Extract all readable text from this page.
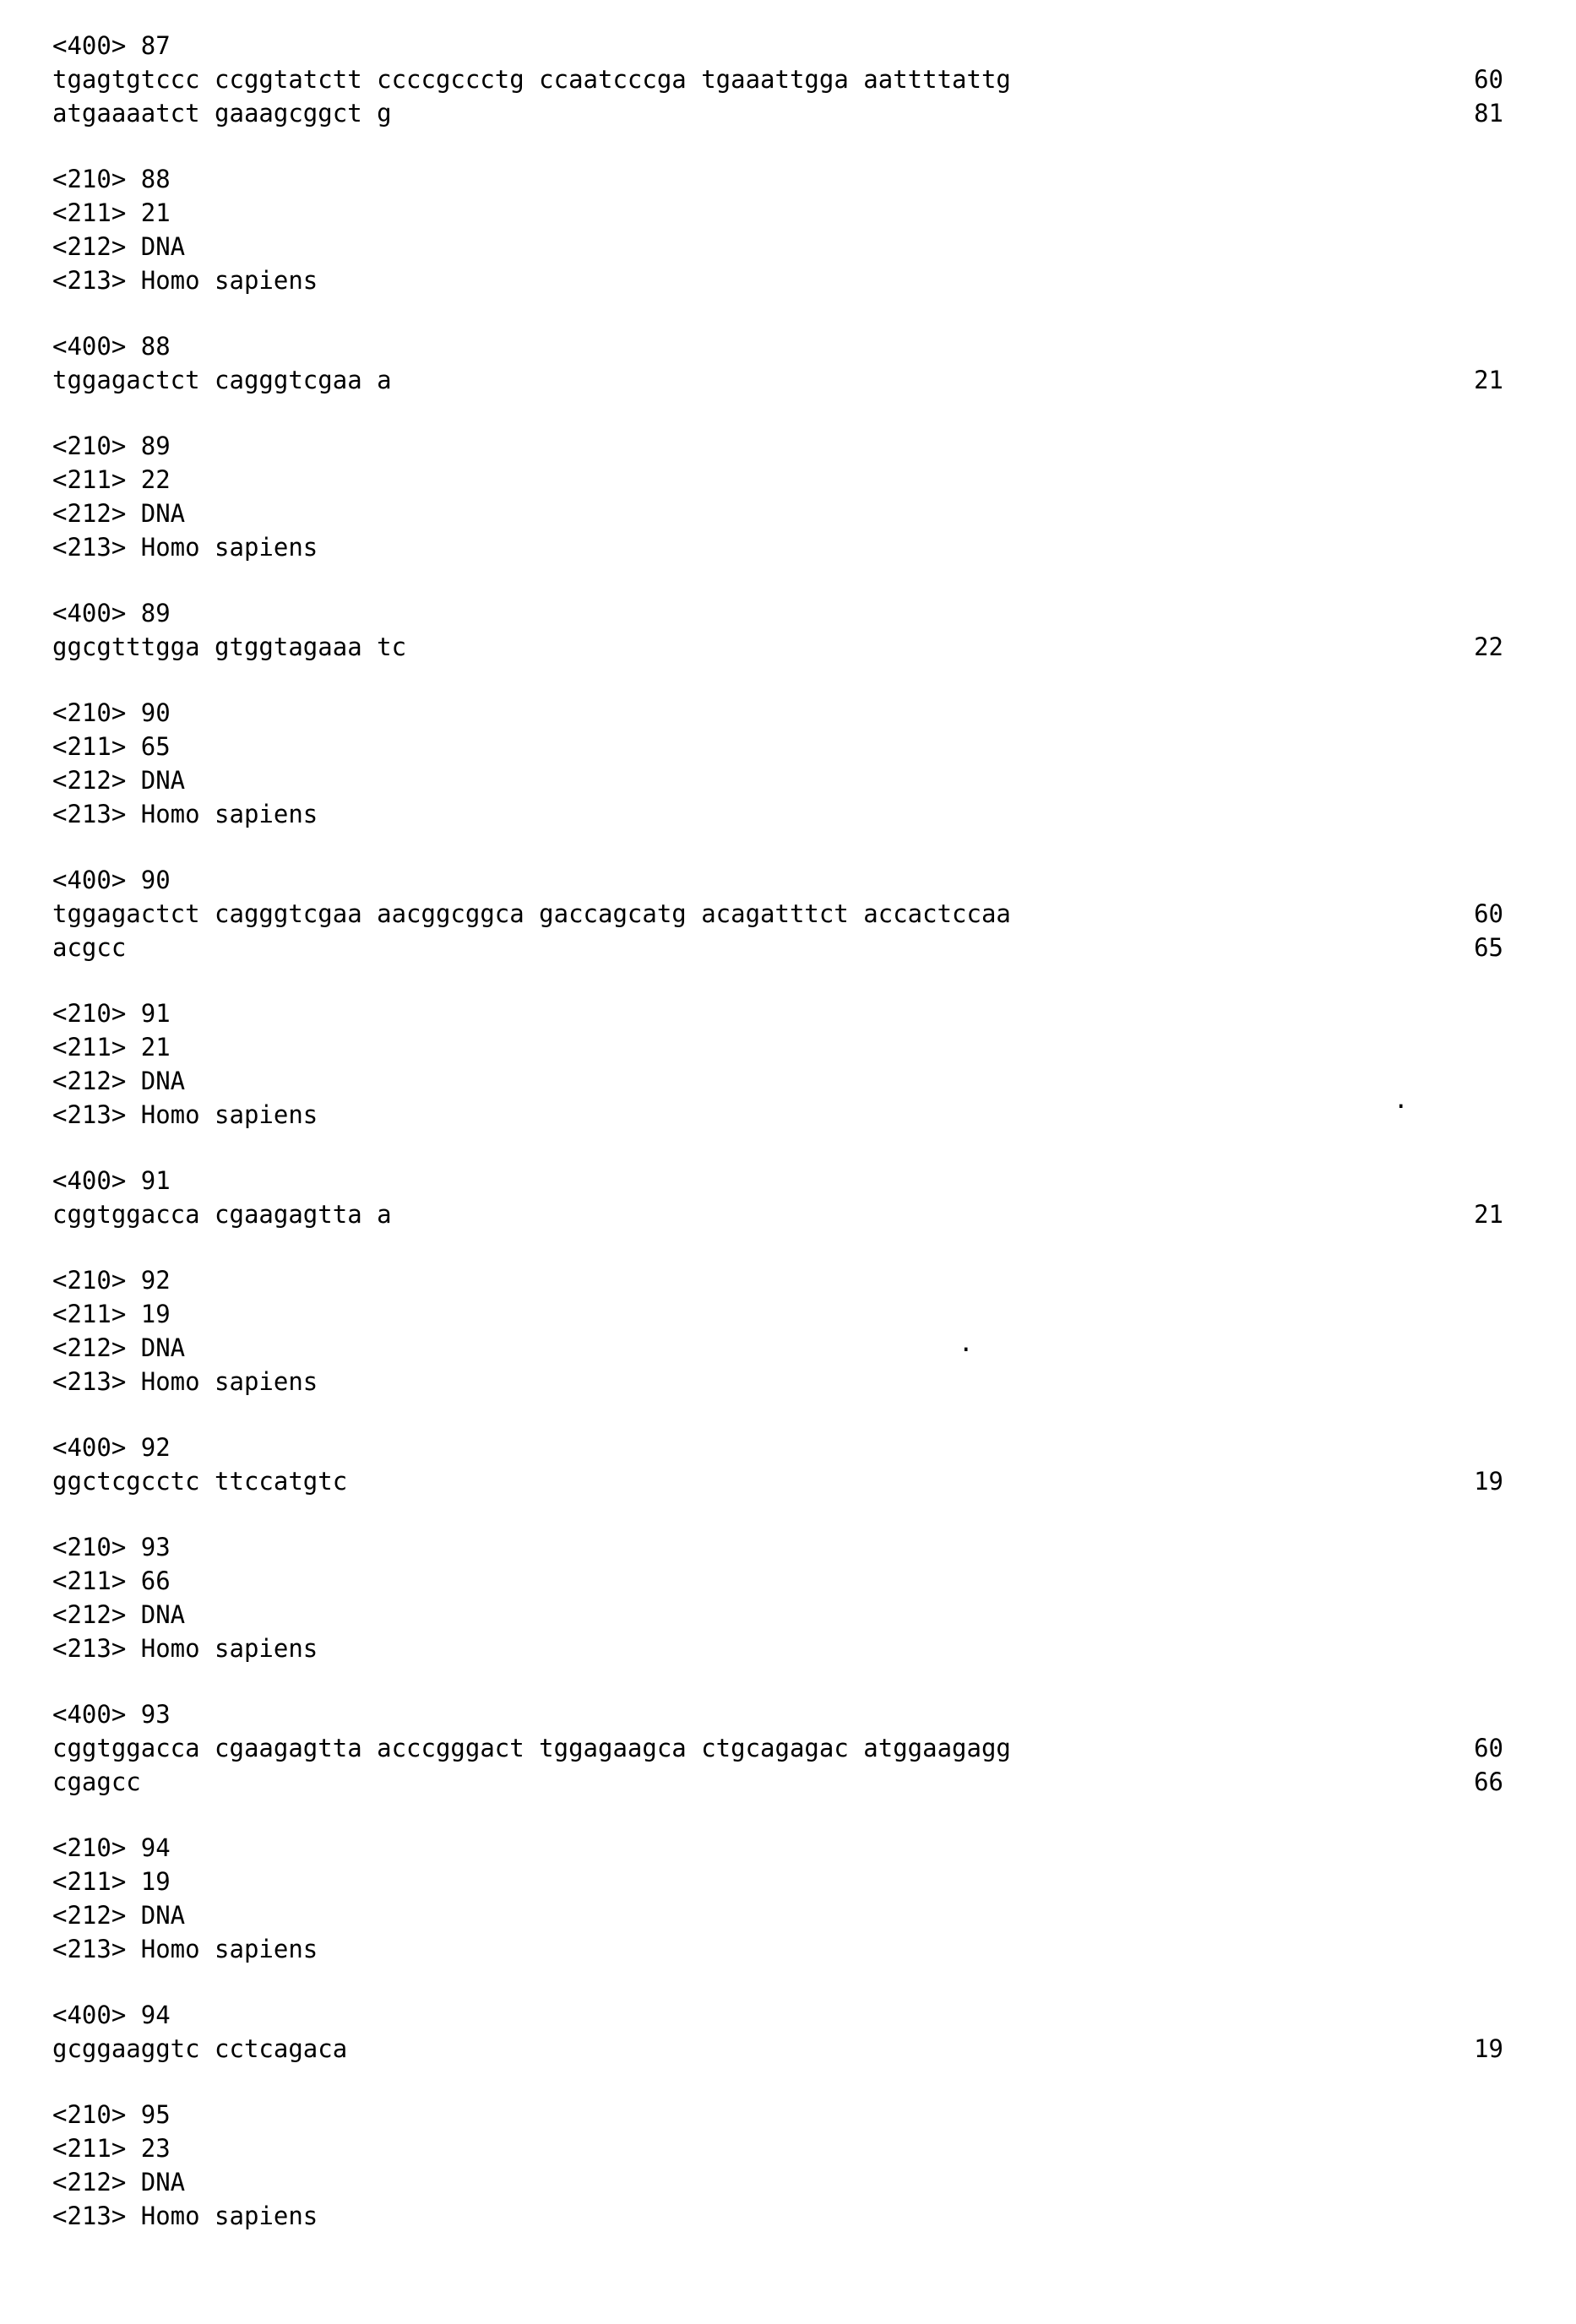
<400> 87
tgagtgtccc ccggtatctt ccccgccctg ccaatcccga tgaaattgga aattttattg	60
atgaaaatct gaaagcggct g	81
<210> 88
<211> 21
<212> DNA
<213> Homo sapiens
<400> 88
tggagactct cagggtcgaa a	21
<210> 89
<211> 22
<212> DNA
<213> Homo sapiens
<400> 89
ggcgtttgga gtggtagaaa tc	22
<210> 90
<211> 65
<212> DNA
<213> Homo sapiens
<400> 90
tggagactct cagggtcgaa aacggcggca gaccagcatg acagatttct accactccaa	60
acgcc	65
<210> 91
<211> 21
<212> DNA
<213> Homo sapiens
<400> 91
cggtggacca cgaagagtta a	21
<210> 92
<211> 19
<212> DNA
<213> Homo sapiens
<400> 92
ggctcgcctc ttccatgtc	19
<210> 93
<211> 66
<212> DNA
<213> Homo sapiens
<400> 93
cggtggacca cgaagagtta acccgggact tggagaagca ctgcagagac atggaagagg	60
cgagcc	66
<210> 94
<211> 19
<212> DNA
<213> Homo sapiens
<400> 94
gcggaaggtc cctcagaca	19
<210> 95
<211> 23
<212> DNA
<213> Homo sapiens
.
.
